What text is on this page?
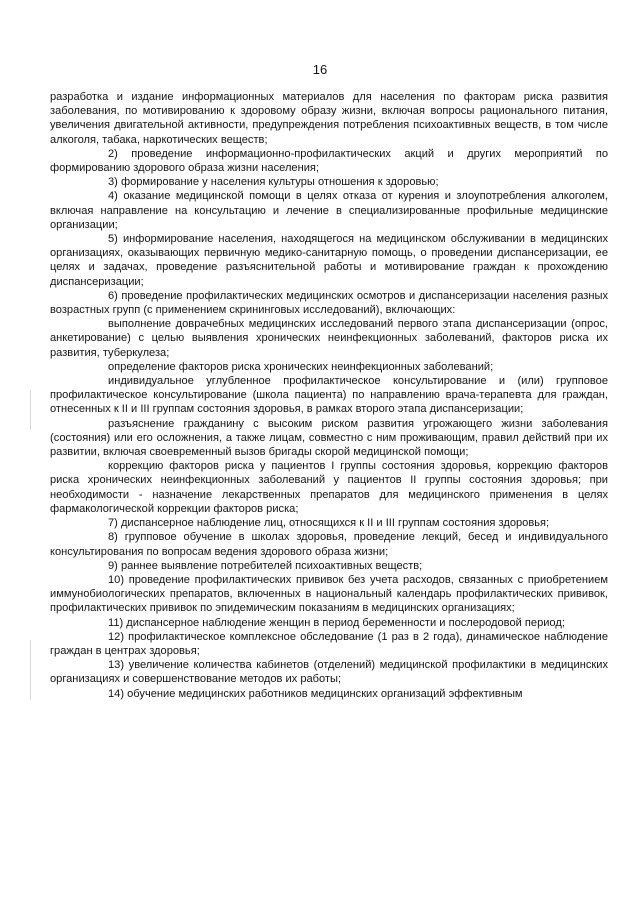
16

разработка и издание информационных материалов для населения по факторам риска развития заболевания, по мотивированию к здоровому образу жизни, включая вопросы рационального питания, увеличения двигательной активности, предупреждения потребления психоактивных веществ, в том числе алкоголя, табака, наркотических веществ;

2) проведение информационно-профилактических акций и других мероприятий по формированию здорового образа жизни населения;

3) формирование у населения культуры отношения к здоровью;

4) оказание медицинской помощи в целях отказа от курения и злоупотребления алкоголем, включая направление на консультацию и лечение в специализированные профильные медицинские организации;

5) информирование населения, находящегося на медицинском обслуживании в медицинских организациях, оказывающих первичную медико-санитарную помощь, о проведении диспансеризации, ее целях и задачах, проведение разъяснительной работы и мотивирование граждан к прохождению диспансеризации;

6) проведение профилактических медицинских осмотров и диспансеризации населения разных возрастных групп (с применением скрининговых исследований), включающих:

выполнение доврачебных медицинских исследований первого этапа диспансеризации (опрос, анкетирование) с целью выявления хронических неинфекционных заболеваний, факторов риска их развития, туберкулеза;

определение факторов риска хронических неинфекционных заболеваний;

индивидуальное углубленное профилактическое консультирование и (или) групповое профилактическое консультирование (школа пациента) по направлению врача-терапевта для граждан, отнесенных к II и III группам состояния здоровья, в рамках второго этапа диспансеризации;

разъяснение гражданину с высоким риском развития угрожающего жизни заболевания (состояния) или его осложнения, а также лицам, совместно с ним проживающим, правил действий при их развитии, включая своевременный вызов бригады скорой медицинской помощи;

коррекцию факторов риска у пациентов I группы состояния здоровья, коррекцию факторов риска хронических неинфекционных заболеваний у пациентов II группы состояния здоровья; при необходимости - назначение лекарственных препаратов для медицинского применения в целях фармакологической коррекции факторов риска;

7) диспансерное наблюдение лиц, относящихся к II и III группам состояния здоровья;

8) групповое обучение в школах здоровья, проведение лекций, бесед и индивидуального консультирования по вопросам ведения здорового образа жизни;

9) раннее выявление потребителей психоактивных веществ;

10) проведение профилактических прививок без учета расходов, связанных с приобретением иммунобиологических препаратов, включенных в национальный календарь профилактических прививок, профилактических прививок по эпидемическим показаниям в медицинских организациях;

11) диспансерное наблюдение женщин в период беременности и послеродовой период;

12) профилактическое комплексное обследование (1 раз в 2 года), динамическое наблюдение граждан в центрах здоровья;

13) увеличение количества кабинетов (отделений) медицинской профилактики в медицинских организациях и совершенствование методов их работы;

14) обучение медицинских работников медицинских организаций эффективным
